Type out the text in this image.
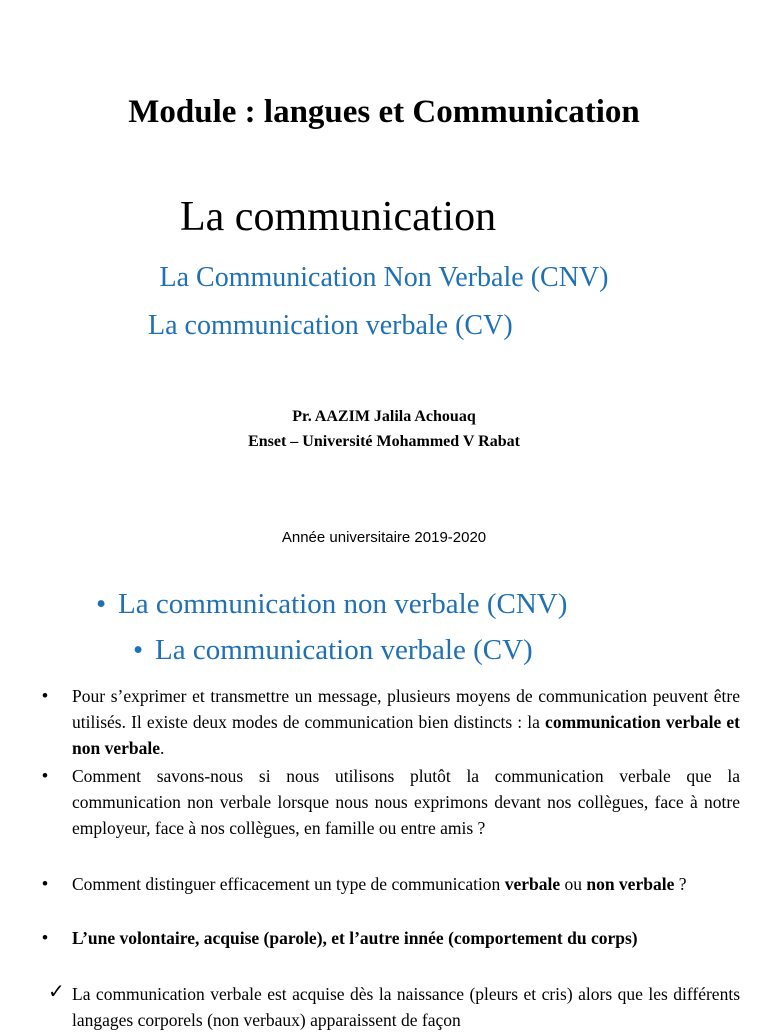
Module : langues et Communication
La communication
La Communication Non Verbale (CNV)
La communication verbale (CV)
Pr. AAZIM Jalila Achouaq
Enset – Université Mohammed V Rabat
Année universitaire 2019-2020
• La communication non verbale (CNV)
• La communication verbale (CV)
• Pour s’exprimer et transmettre un message, plusieurs moyens de communication peuvent être utilisés. Il existe deux modes de communication bien distincts : la communication verbale et non verbale.
• Comment savons-nous si nous utilisons plutôt la communication verbale que la communication non verbale lorsque nous nous exprimons devant nos collègues, face à notre employeur, face à nos collègues, en famille ou entre amis ?
• Comment distinguer efficacement un type de communication verbale ou non verbale ?
• L’une volontaire, acquise (parole), et l’autre innée (comportement du corps)
✓ La communication verbale est acquise dès la naissance (pleurs et cris) alors que les différents langages corporels (non verbaux) apparaissent de façon
